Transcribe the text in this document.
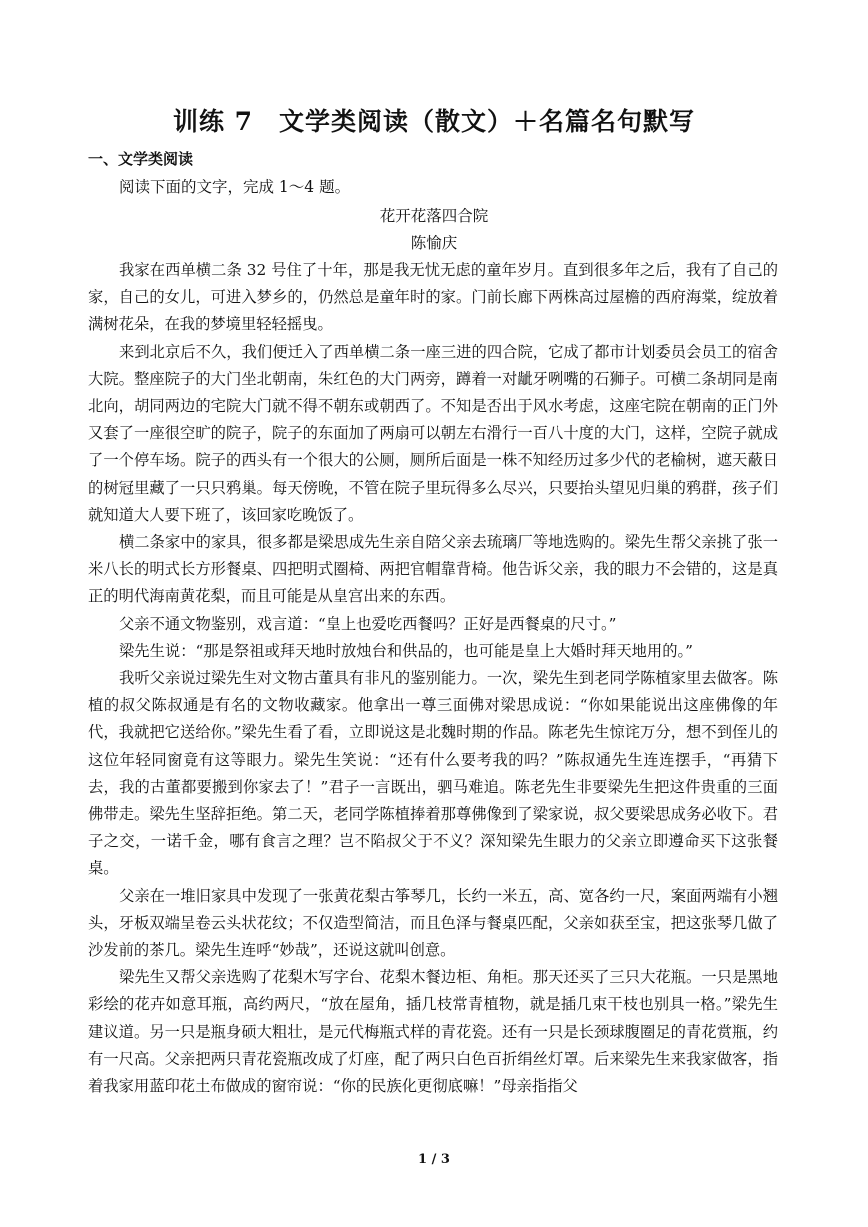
训练 7　文学类阅读（散文）＋名篇名句默写
一、文学类阅读
阅读下面的文字，完成 1～4 题。
花开花落四合院
陈愉庆

我家在西单横二条 32 号住了十年，那是我无忧无虑的童年岁月。直到很多年之后，我有了自己的家，自己的女儿，可进入梦乡的，仍然总是童年时的家。门前长廊下两株高过屋檐的西府海棠，绽放着满树花朵，在我的梦境里轻轻摇曳。

来到北京后不久，我们便迁入了西单横二条一座三进的四合院，它成了都市计划委员会员工的宿舍大院。整座院子的大门坐北朝南，朱红色的大门两旁，蹲着一对龇牙咧嘴的石狮子。可横二条胡同是南北向，胡同两边的宅院大门就不得不朝东或朝西了。不知是否出于风水考虑，这座宅院在朝南的正门外又套了一座很空旷的院子，院子的东面加了两扇可以朝左右滑行一百八十度的大门，这样，空院子就成了一个停车场。院子的西头有一个很大的公厕，厕所后面是一株不知经历过多少代的老榆树，遮天蔽日的树冠里藏了一只只鸦巢。每天傍晚，不管在院子里玩得多么尽兴，只要抬头望见归巢的鸦群，孩子们就知道大人要下班了，该回家吃晚饭了。

横二条家中的家具，很多都是梁思成先生亲自陪父亲去琉璃厂等地选购的。梁先生帮父亲挑了张一米八长的明式长方形餐桌、四把明式圈椅、两把官帽靠背椅。他告诉父亲，我的眼力不会错的，这是真正的明代海南黄花梨，而且可能是从皇宫出来的东西。

父亲不通文物鉴别，戏言道：“皇上也爱吃西餐吗？正好是西餐桌的尺寸。”

梁先生说：“那是祭祖或拜天地时放烛台和供品的，也可能是皇上大婚时拜天地用的。”

我听父亲说过梁先生对文物古董具有非凡的鉴别能力。一次，梁先生到老同学陈植家里去做客。陈植的叔父陈叔通是有名的文物收藏家。他拿出一尊三面佛对梁思成说：“你如果能说出这座佛像的年代，我就把它送给你。”梁先生看了看，立即说这是北魏时期的作品。陈老先生惊诧万分，想不到侄儿的这位年轻同窗竟有这等眼力。梁先生笑说：“还有什么要考我的吗？”陈叔通先生连连摆手，“再猜下去，我的古董都要搬到你家去了！”君子一言既出，驷马难追。陈老先生非要梁先生把这件贵重的三面佛带走。梁先生坚辞拒绝。第二天，老同学陈植捧着那尊佛像到了梁家说，叔父要梁思成务必收下。君子之交，一诺千金，哪有食言之理？岂不陷叔父于不义？深知梁先生眼力的父亲立即遵命买下这张餐桌。

父亲在一堆旧家具中发现了一张黄花梨古筝琴几，长约一米五，高、宽各约一尺，案面两端有小翘头，牙板双端呈卷云头状花纹；不仅造型简洁，而且色泽与餐桌匹配，父亲如获至宝，把这张琴几做了沙发前的茶几。梁先生连呼“妙哉”，还说这就叫创意。

梁先生又帮父亲选购了花梨木写字台、花梨木餐边柜、角柜。那天还买了三只大花瓶。一只是黑地彩绘的花卉如意耳瓶，高约两尺，“放在屋角，插几枝常青植物，就是插几束干枝也别具一格。”梁先生建议道。另一只是瓶身硕大粗壮，是元代梅瓶式样的青花瓷。还有一只是长颈球腹圈足的青花赏瓶，约有一尺高。父亲把两只青花瓷瓶改成了灯座，配了两只白色百折绢丝灯罩。后来梁先生来我家做客，指着我家用蓝印花土布做成的窗帘说：“你的民族化更彻底嘛！”母亲指指父

1 / 3
